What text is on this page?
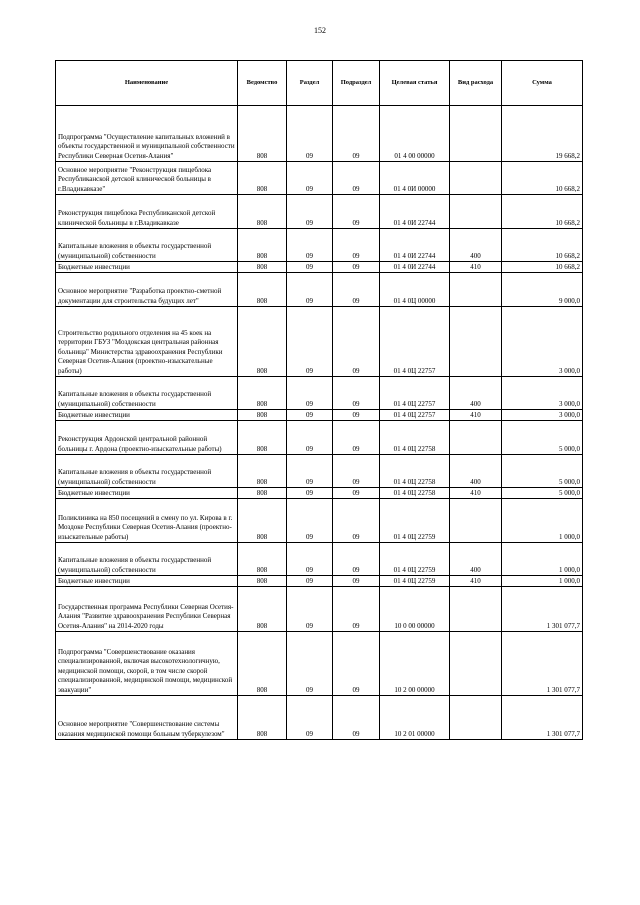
152
Наименование	Ведомство	Раздел	Подраздел	Целевая статья	Вид расхода	Сумма
Подпрограмма "Осуществление капитальных вложений в объекты государственной и муниципальной собственности Республики Северная Осетия-Алания"	808	09	09	01 4 00 00000		19 668,2
Основное мероприятие "Реконструкция пищеблока Республиканской детской клинической больницы в г.Владикавказе"	808	09	09	01 4 0И 00000		10 668,2
Реконструкция пищеблока Республиканской детской клинической больницы в г.Владикавказе	808	09	09	01 4 0И 22744		10 668,2
Капитальные вложения в объекты государственной (муниципальной) собственности	808	09	09	01 4 0И 22744	400	10 668,2
Бюджетные инвестиции	808	09	09	01 4 0И 22744	410	10 668,2
Основное мероприятие "Разработка проектно-сметной документации для строительства будущих лет"	808	09	09	01 4 0Ц 00000		9 000,0
Строительство родильного отделения на 45 коек на территории ГБУЗ "Моздокская центральная районная больница" Министерства здравоохранения Республики Северная Осетия-Алания (проектно-изыскательные работы)	808	09	09	01 4 0Ц 22757		3 000,0
Капитальные вложения в объекты государственной (муниципальной) собственности	808	09	09	01 4 0Ц 22757	400	3 000,0
Бюджетные инвестиции	808	09	09	01 4 0Ц 22757	410	3 000,0
Реконструкция Ардонской центральной районной больницы г. Ардона (проектно-изыскательные работы)	808	09	09	01 4 0Ц 22758		5 000,0
Капитальные вложения в объекты государственной (муниципальной) собственности	808	09	09	01 4 0Ц 22758	400	5 000,0
Бюджетные инвестиции	808	09	09	01 4 0Ц 22758	410	5 000,0
Поликлиника на 850 посещений в смену по ул. Кирова в г. Моздоке Республики Северная Осетия-Алания (проектно-изыскательные работы)	808	09	09	01 4 0Ц 22759		1 000,0
Капитальные вложения в объекты государственной (муниципальной) собственности	808	09	09	01 4 0Ц 22759	400	1 000,0
Бюджетные инвестиции	808	09	09	01 4 0Ц 22759	410	1 000,0
Государственная программа Республики Северная Осетия-Алания "Развитие здравоохранения Республики Северная Осетия-Алания" на 2014-2020 годы	808	09	09	10 0 00 00000		1 301 077,7
Подпрограмма "Совершенствование оказания специализированной, включая высокотехнологичную, медицинской помощи, скорой, в том числе скорой специализированной, медицинской помощи, медицинской эвакуации"	808	09	09	10 2 00 00000		1 301 077,7
Основное мероприятие "Совершенствование системы оказания медицинской помощи больным туберкулезом"	808	09	09	10 2 01 00000		1 301 077,7
